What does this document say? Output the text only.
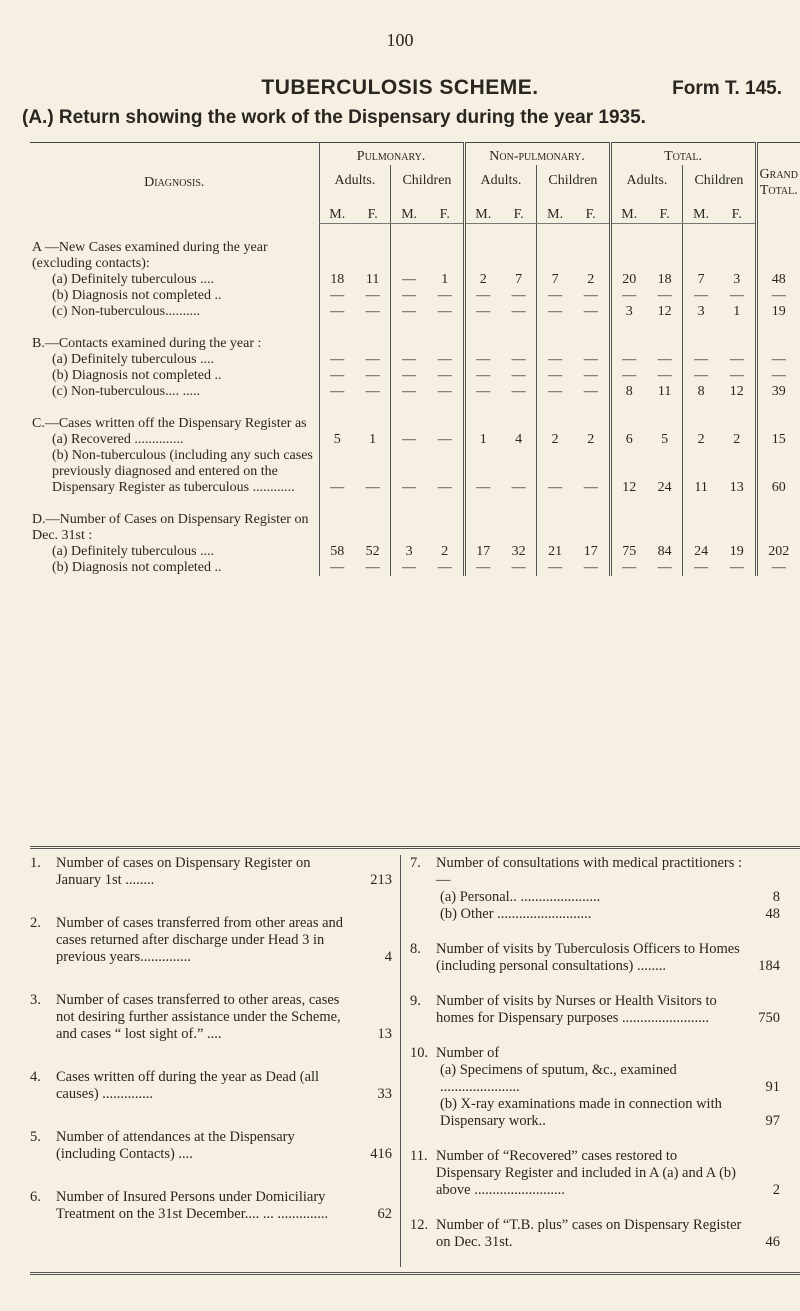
100
TUBERCULOSIS SCHEME.	Form T. 145.
(A.) Return showing the work of the Dispensary during the year 1935.
Diagnosis.	Pulmonary.				Non-pulmonary.				Total.				Grand Total.
	Adults.		Children		Adults.		Children		Adults.		Children		
	M.	F.	M.	F.	M.	F.	M.	F.	M.	F.	M.	F.	
A —New Cases examined during the year (excluding contacts):													
(a) Definitely tuberculous ....	18	11	—	1	2	7	7	2	20	18	7	3	48
(b) Diagnosis not completed ..	—	—	—	—	—	—	—	—	—	—	—	—	—
(c) Non-tuberculous..........	—	—	—	—	—	—	—	—	3	12	3	1	19
B.—Contacts examined during the year :													
(a) Definitely tuberculous ....	—	—	—	—	—	—	—	—	—	—	—	—	—
(b) Diagnosis not completed ..	—	—	—	—	—	—	—	—	—	—	—	—	—
(c) Non-tuberculous.... .....	—	—	—	—	—	—	—	—	8	11	8	12	39
C.—Cases written off the Dispensary Register as													
(a) Recovered ..............	5	1	—	—	1	4	2	2	6	5	2	2	15
(b) Non-tuberculous (including any such cases previously diagnosed and entered on the Dispensary Register as tuberculous ............	—	—	—	—	—	—	—	—	12	24	11	13	60
D.—Number of Cases on Dispensary Register on Dec. 31st :													
(a) Definitely tuberculous ....	58	52	3	2	17	32	21	17	75	84	24	19	202
(b) Diagnosis not completed ..	—	—	—	—	—	—	—	—	—	—	—	—	—
1. Number of cases on Dispensary Register on January 1st ........	213
2. Number of cases transferred from other areas and cases returned after discharge under Head 3 in previous years..............	4
3. Number of cases transferred to other areas, cases not desiring further assistance under the Scheme, and cases “ lost sight of.” ....	13
4. Cases written off during the year as Dead (all causes) ..............	33
5. Number of attendances at the Dispensary (including Contacts) ....	416
6. Number of Insured Persons under Domiciliary Treatment on the 31st December.... ... ..............	62
7. Number of consultations with medical practitioners :—
(a) Personal.. ......................	8
(b) Other ..........................	48
8. Number of visits by Tuberculosis Officers to Homes (including personal consultations) ........	184
9. Number of visits by Nurses or Health Visitors to homes for Dispensary purposes ........................	750
10. Number of
(a) Specimens of sputum, &c., examined ......................	91
(b) X-ray examinations made in connection with Dispensary work..	97
11. Number of “Recovered” cases restored to Dispensary Register and included in A (a) and A (b) above .........................	2
12. Number of “T.B. plus” cases on Dispensary Register on Dec. 31st.	46
